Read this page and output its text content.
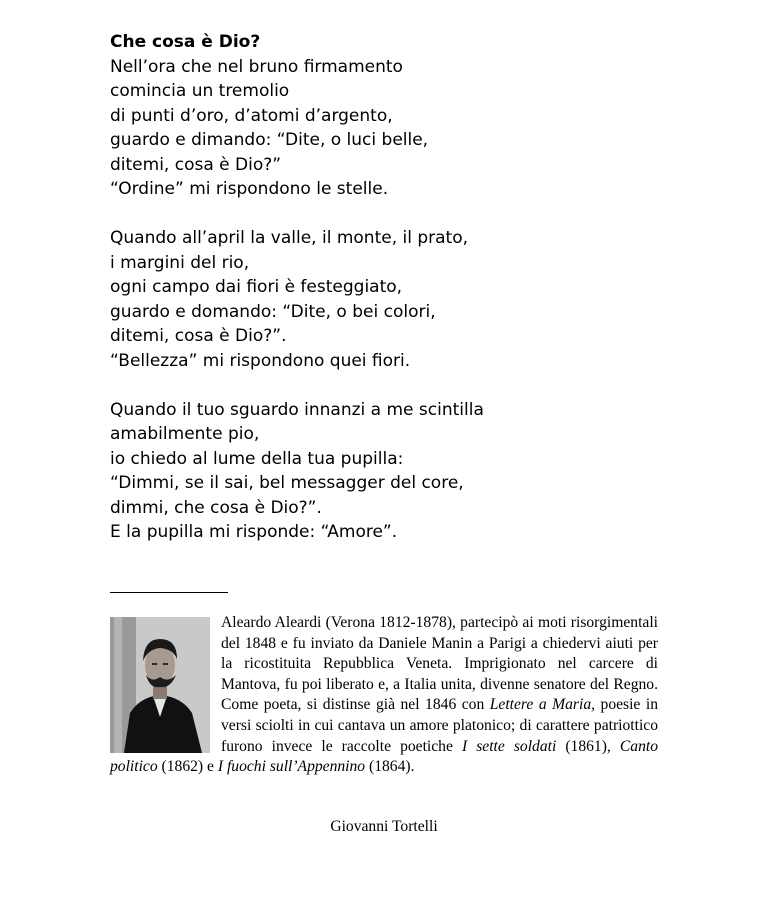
Che cosa è Dio?

Nell’ora che nel bruno firmamento
comincia un tremolio
di punti d’oro, d’atomi d’argento,
guardo e dimando: “Dite, o luci belle,
ditemi, cosa è Dio?”
“Ordine” mi rispondono le stelle.
Quando all’april la valle, il monte, il prato,
i margini del rio,
ogni campo dai fiori è festeggiato,
guardo e domando: “Dite, o bei colori,
ditemi, cosa è Dio?”.
“Bellezza” mi rispondono quei fiori.
Quando il tuo sguardo innanzi a me scintilla
amabilmente pio,
io chiedo al lume della tua pupilla:
“Dimmi, se il sai, bel messagger del core,
dimmi, che cosa è Dio?”.
E la pupilla mi risponde: “Amore”.
Aleardo Aleardi (Verona 1812-1878), partecipò ai moti risorgimentali del 1848 e fu inviato da Daniele Manin a Parigi a chiedervi aiuti per la ricostituita Repubblica Veneta. Imprigionato nel carcere di Mantova, fu poi liberato e, a Italia unita, divenne senatore del Regno. Come poeta, si distinse già nel 1846 con Lettere a Maria, poesie in versi sciolti in cui cantava un amore platonico; di carattere patriottico furono invece le raccolte poetiche I sette soldati (1861), Canto politico (1862) e I fuochi sull’Appennino (1864).
Giovanni Tortelli
